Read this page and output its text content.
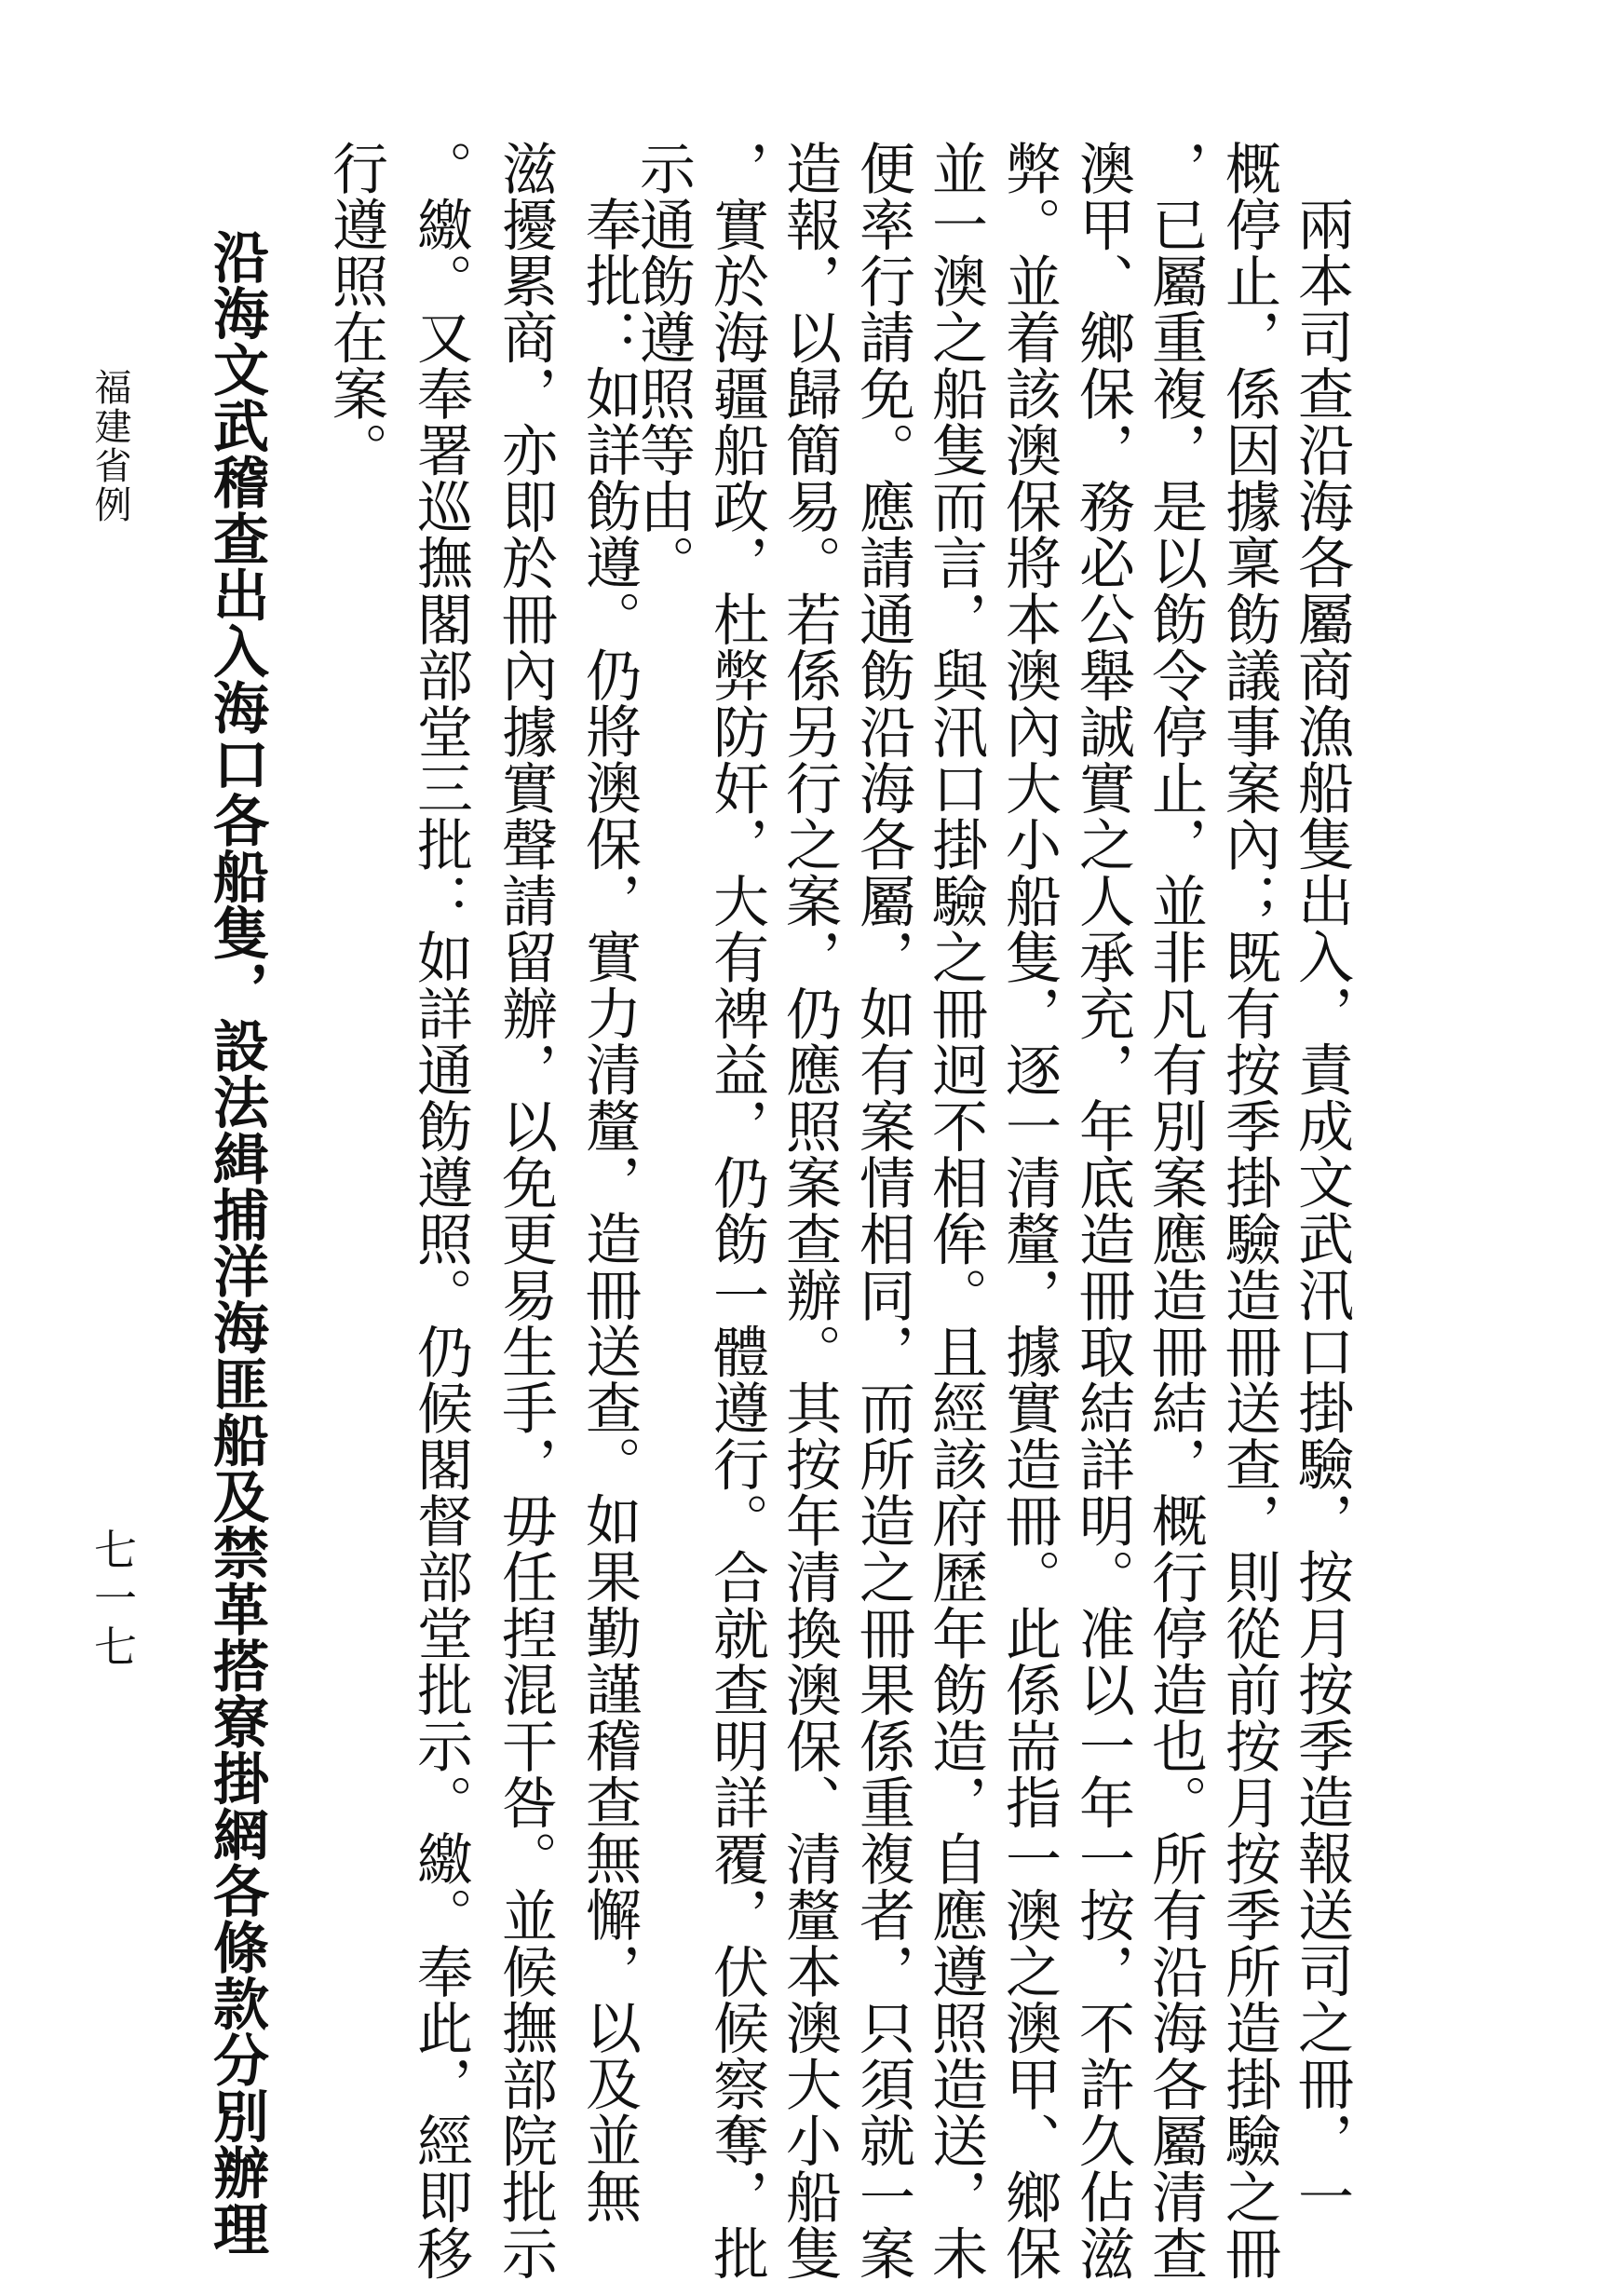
福建省例
七一七 沿海文武稽查出入海口各船隻，設法緝捕洋海匪船及禁革搭寮掛網各條款分別辦理 行遵照在案。 。繳。又奉署巡撫閣部堂三批：如詳通飭遵照。仍候閣督部堂批示。繳。奉此，經即移 滋擾累商，亦即於冊內據實聲請留辦，以免更易生手，毋任揑混干咎。並候撫部院批示 奉批：如詳飭遵。仍將澳保，實力清釐，造冊送查。如果勤謹稽查無懈，以及並無
示通飭遵照等由。 ，實於海疆船政，杜弊防奸，大有裨益，仍飭一體遵行。合就查明詳覆，伏候察奪，批 造報，以歸簡易。若係另行之案，仍應照案查辦。其按年清換澳保、清釐本澳大小船隻 便率行請免。應請通飭沿海各屬，如有案情相同，而所造之冊果係重複者，只須就一案 並一澳之船隻而言，與汛口掛驗之冊迥不相侔。且經該府歷年飭造，自應遵照造送，未 弊。並着該澳保將本澳內大小船隻，逐一清釐，據實造冊。此係耑指一澳之澳甲、鄉保 澳甲、鄉保，務必公舉誠實之人承充，年底造冊取結詳明。准以一年一按，不許久佔滋 ，已屬重複，是以飭令停止，並非凡有別案應造冊結，概行停造也。所有沿海各屬清查 概停止，係因據稟飭議事案內；既有按季掛驗造冊送查，則從前按月按季所造掛驗之冊 兩本司查沿海各屬商漁船隻出入，責成文武汛口掛驗，按月按季造報送司之冊，一
